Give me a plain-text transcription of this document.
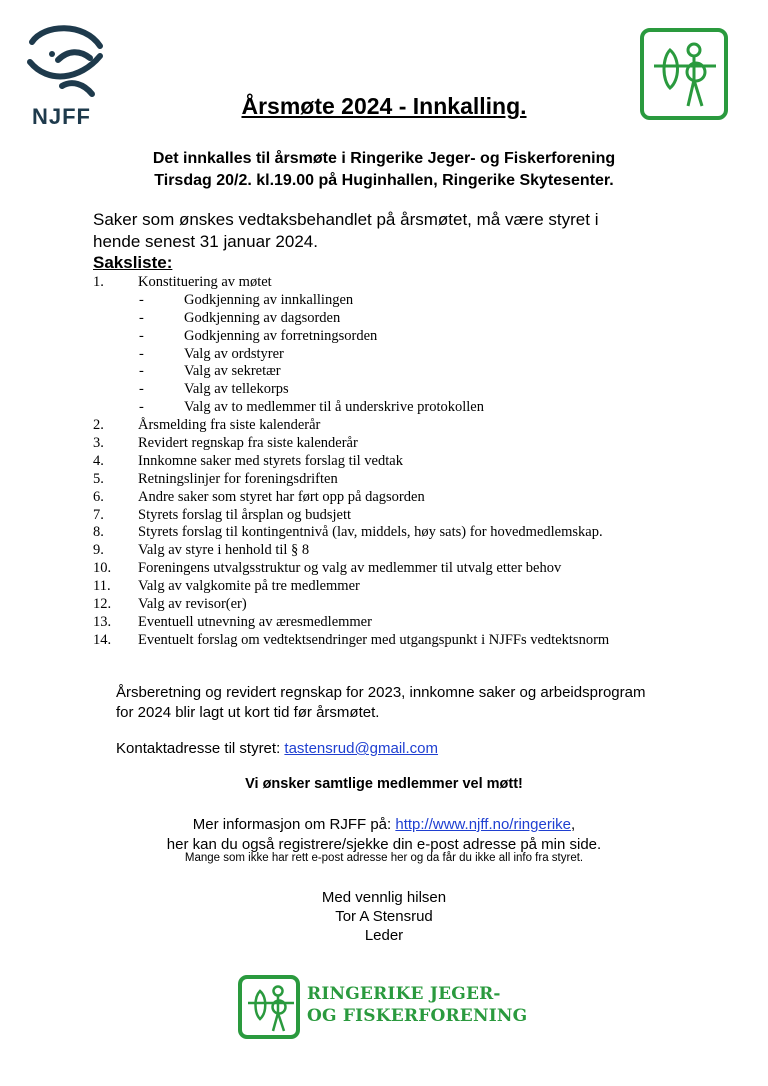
NJFF	Årsmøte 2024 - Innkalling.
Det innkalles til årsmøte i Ringerike Jeger- og Fiskerforening
Tirsdag 20/2. kl.19.00 på Huginhallen, Ringerike Skytesenter.
Saker som ønskes vedtaksbehandlet på årsmøtet, må være styret i
hende senest 31 januar 2024.
Saksliste:
1. Konstituering av møtet
-	Godkjenning av innkallingen
-	Godkjenning av dagsorden
-	Godkjenning av forretningsorden
-	Valg av ordstyrer
-	Valg av sekretær
-	Valg av tellekorps
-	Valg av to medlemmer til å underskrive protokollen
2. Årsmelding fra siste kalenderår
3. Revidert regnskap fra siste kalenderår
4. Innkomne saker med styrets forslag til vedtak
5. Retningslinjer for foreningsdriften
6. Andre saker som styret har ført opp på dagsorden
7. Styrets forslag til årsplan og budsjett
8. Styrets forslag til kontingentnivå (lav, middels, høy sats) for hovedmedlemskap.
9. Valg av styre i henhold til § 8
10. Foreningens utvalgsstruktur og valg av medlemmer til utvalg etter behov
11. Valg av valgkomite på tre medlemmer
12. Valg av revisor(er)
13. Eventuell utnevning av æresmedlemmer
14. Eventuelt forslag om vedtektsendringer med utgangspunkt i NJFFs vedtektsnorm
Årsberetning og revidert regnskap for 2023, innkomne saker og arbeidsprogram
for 2024 blir lagt ut kort tid før årsmøtet.
Kontaktadresse til styret: tastensrud@gmail.com
Vi ønsker samtlige medlemmer vel møtt!
Mer informasjon om RJFF på: http://www.njff.no/ringerike,
her kan du også registrere/sjekke din e-post adresse på min side.
Mange som ikke har rett e-post adresse her og da får du ikke all info fra styret.
Med vennlig hilsen
Tor A Stensrud
Leder
RINGERIKE JEGER-
OG FISKERFORENING
